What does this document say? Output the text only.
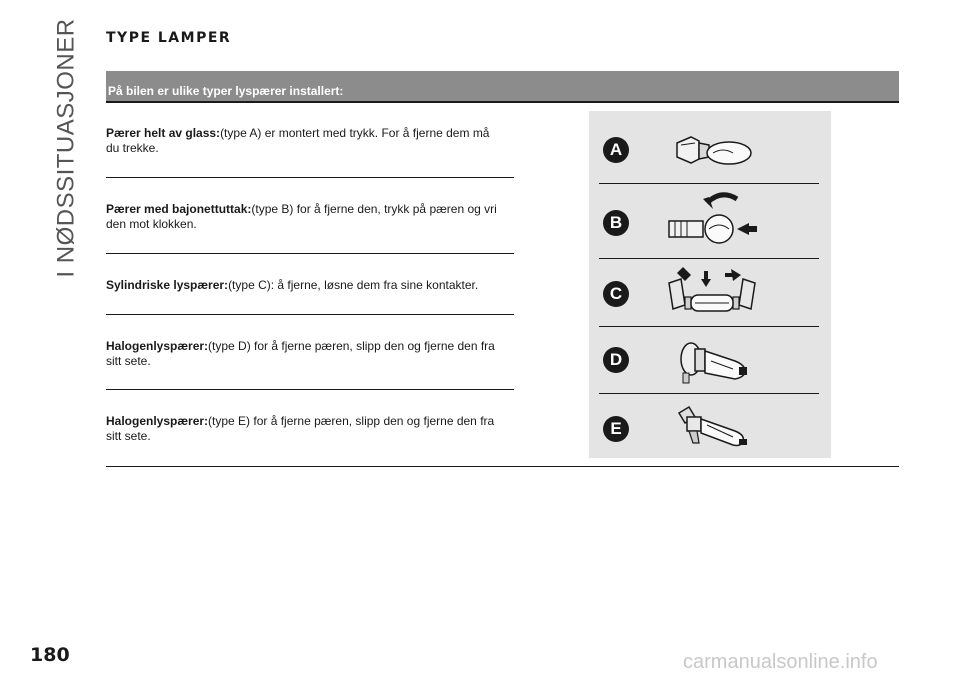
I NØDSSITUASJONER TYPE LAMPER
På bilen er ulike typer lyspærer installert:
Pærer helt av glass:(type A) er montert med trykk. For å fjerne dem må du trekke.
Pærer med bajonettuttak:(type B) for å fjerne den, trykk på pæren og vri den mot klokken.
Sylindriske lyspærer:(type C): å fjerne, løsne dem fra sine kontakter.
Halogenlyspærer:(type D) for å fjerne pæren, slipp den og fjerne den fra sitt sete.
Halogenlyspærer:(type E) for å fjerne pæren, slipp den og fjerne den fra sitt sete.
A
B
C
D
E
180	carmanualsonline.info
